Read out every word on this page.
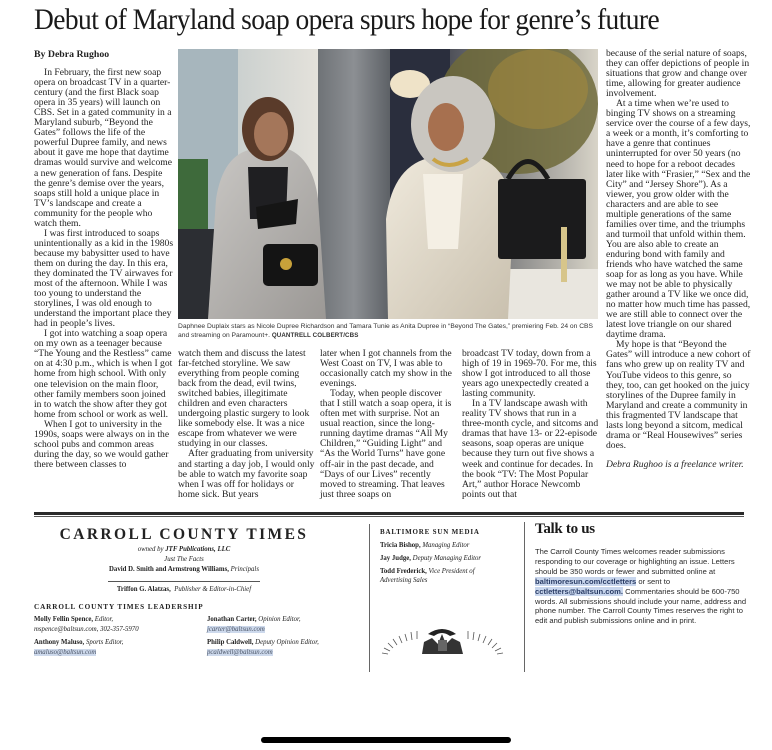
Debut of Maryland soap opera spurs hope for genre’s future

By Debra Rughoo

In February, the first new soap opera on broadcast TV in a quarter-century (and the first Black soap opera in 35 years) will launch on CBS. Set in a gated community in a Maryland suburb, “Beyond the Gates” follows the life of the powerful Dupree family, and news about it gave me hope that daytime dramas would survive and welcome a new generation of fans. Despite the genre’s demise over the years, soaps still hold a unique place in TV’s landscape and create a community for the people who watch them.

I was first introduced to soaps unintentionally as a kid in the 1980s because my babysitter used to have them on during the day. In this era, they dominated the TV airwaves for most of the afternoon. While I was too young to understand the storylines, I was old enough to understand the important place they had in people’s lives.

I got into watching a soap opera on my own as a teenager because “The Young and the Restless” came on at 4:30 p.m., which is when I got home from high school. With only one television on the main floor, other family members soon joined in to watch the show after they got home from school or work as well.

When I got to university in the 1990s, soaps were always on in the school pubs and common areas during the day, so we would gather there between classes to

Daphnee Duplaix stars as Nicole Dupree Richardson and Tamara Tunie as Anita Dupree in “Beyond The Gates,” premiering Feb. 24 on CBS and streaming on Paramount+. QUANTRELL COLBERT/CBS

watch them and discuss the latest far-fetched storyline. We saw everything from people coming back from the dead, evil twins, switched babies, illegitimate children and even characters undergoing plastic surgery to look like somebody else. It was a nice escape from whatever we were studying in our classes.

After graduating from university and starting a day job, I would only be able to watch my favorite soap when I was off for holidays or home sick. But years

later when I got channels from the West Coast on TV, I was able to occasionally catch my show in the evenings.

Today, when people discover that I still watch a soap opera, it is often met with surprise. Not an usual reaction, since the long-running daytime dramas “All My Children,” “Guiding Light” and “As the World Turns” have gone off-air in the past decade, and “Days of our Lives” recently moved to streaming. That leaves just three soaps on

broadcast TV today, down from a high of 19 in 1969-70. For me, this show I got introduced to all those years ago unexpectedly created a lasting community.

In a TV landscape awash with reality TV shows that run in a three-month cycle, and sitcoms and dramas that have 13- or 22-episode seasons, soap operas are unique because they turn out five shows a week and continue for decades. In the book “TV: The Most Popular Art,” author Horace Newcomb points out that

because of the serial nature of soaps, they can offer depictions of people in situations that grow and change over time, allowing for greater audience involvement.

At a time when we’re used to binging TV shows on a streaming service over the course of a few days, a week or a month, it’s comforting to have a genre that continues uninterrupted for over 50 years (no need to hope for a reboot decades later like with “Frasier,” “Sex and the City” and “Jersey Shore”). As a viewer, you grow older with the characters and are able to see multiple generations of the same families over time, and the triumphs and turmoil that unfold within them. You are also able to create an enduring bond with family and friends who have watched the same soap for as long as you have. While we may not be able to physically gather around a TV like we once did, no matter how much time has passed, we are still able to connect over the latest love triangle on our shared daytime drama.

My hope is that “Beyond the Gates” will introduce a new cohort of fans who grew up on reality TV and YouTube videos to this genre, so they, too, can get hooked on the juicy storylines of the Dupree family in Maryland and create a community in this fragmented TV landscape that lasts long beyond a sitcom, medical drama or “Real Housewives” series does.

Debra Rughoo is a freelance writer.

CARROLL COUNTY TIMES
owned by JTF Publications, LLC
Just The Facts
David D. Smith and Armstrong Williams, Principals
Triffon G. Alatzas, Publisher & Editor-in-Chief
CARROLL COUNTY TIMES LEADERSHIP
Molly Fellin Spence, Editor,
mspence@baltsun.com, 302-357-5970
Jonathan Carter, Opinion Editor,
jcarter@baltsun.com
Anthony Maluso, Sports Editor,
amaluso@baltsun.com
Philip Caldwell, Deputy Opinion Editor,
pcaldwell@baltsun.com
BALTIMORE SUN MEDIA
Tricia Bishop, Managing Editor
Jay Judge, Deputy Managing Editor
Todd Frederick, Vice President of Advertising Sales
Talk to us
The Carroll County Times welcomes reader submissions responding to our coverage or highlighting an issue. Letters should be 350 words or fewer and submitted online at baltimoresun.com/cctletters or sent to cctletters@baltsun.com. Commentaries should be 600-750 words. All submissions should include your name, address and phone number. The Carroll County Times reserves the right to edit and publish submissions online and in print.
